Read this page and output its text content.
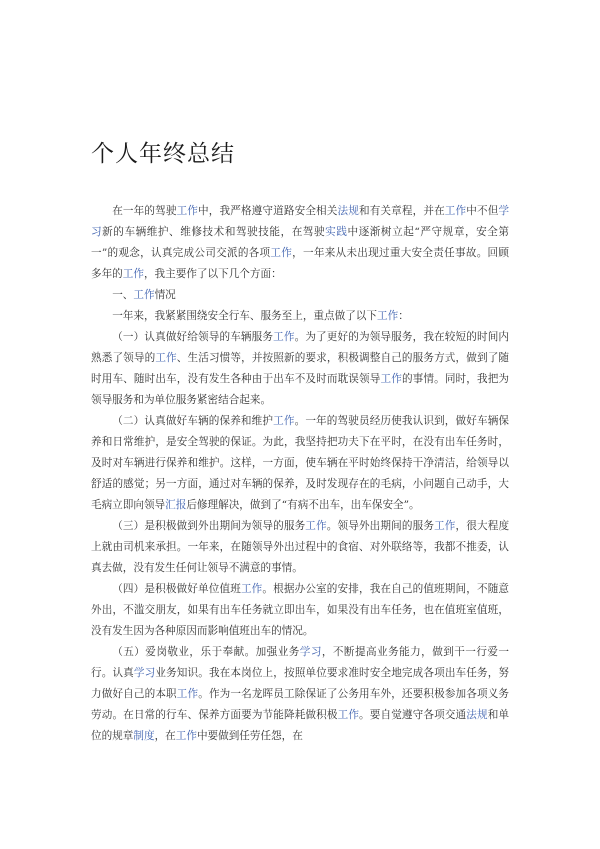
个人年终总结

在一年的驾驶工作中，我严格遵守道路安全相关法规和有关章程，并在工作中不但学习新的车辆维护、维修技术和驾驶技能，在驾驶实践中逐渐树立起“严守规章，安全第一”的观念，认真完成公司交派的各项工作，一年来从未出现过重大安全责任事故。回顾多年的工作，我主要作了以下几个方面：

一、工作情况

一年来，我紧紧围绕安全行车、服务至上，重点做了以下工作：

（一）认真做好给领导的车辆服务工作。为了更好的为领导服务，我在较短的时间内熟悉了领导的工作、生活习惯等，并按照新的要求，积极调整自己的服务方式，做到了随时用车、随时出车，没有发生各种由于出车不及时而耽误领导工作的事情。同时，我把为领导服务和为单位服务紧密结合起来。

（二）认真做好车辆的保养和维护工作。一年的驾驶员经历使我认识到，做好车辆保养和日常维护，是安全驾驶的保证。为此，我坚持把功夫下在平时，在没有出车任务时，及时对车辆进行保养和维护。这样，一方面，使车辆在平时始终保持干净清洁，给领导以舒适的感觉；另一方面，通过对车辆的保养，及时发现存在的毛病，小问题自己动手，大毛病立即向领导汇报后修理解决，做到了“有病不出车，出车保安全”。

（三）是积极做到外出期间为领导的服务工作。领导外出期间的服务工作，很大程度上就由司机来承担。一年来，在随领导外出过程中的食宿、对外联络等，我都不推委，认真去做，没有发生任何让领导不满意的事情。

（四）是积极做好单位值班工作。根据办公室的安排，我在自己的值班期间，不随意外出，不滥交朋友，如果有出车任务就立即出车，如果没有出车任务，也在值班室值班，没有发生因为各种原因而影响值班出车的情况。

（五）爱岗敬业，乐于奉献。加强业务学习，不断提高业务能力，做到干一行爱一行。认真学习业务知识。我在本岗位上，按照单位要求准时安全地完成各项出车任务，努力做好自己的本职工作。作为一名龙晖员工除保证了公务用车外，还要积极参加各项义务劳动。在日常的行车、保养方面要为节能降耗做积极工作。要自觉遵守各项交通法规和单位的规章制度，在工作中要做到任劳任怨，在
